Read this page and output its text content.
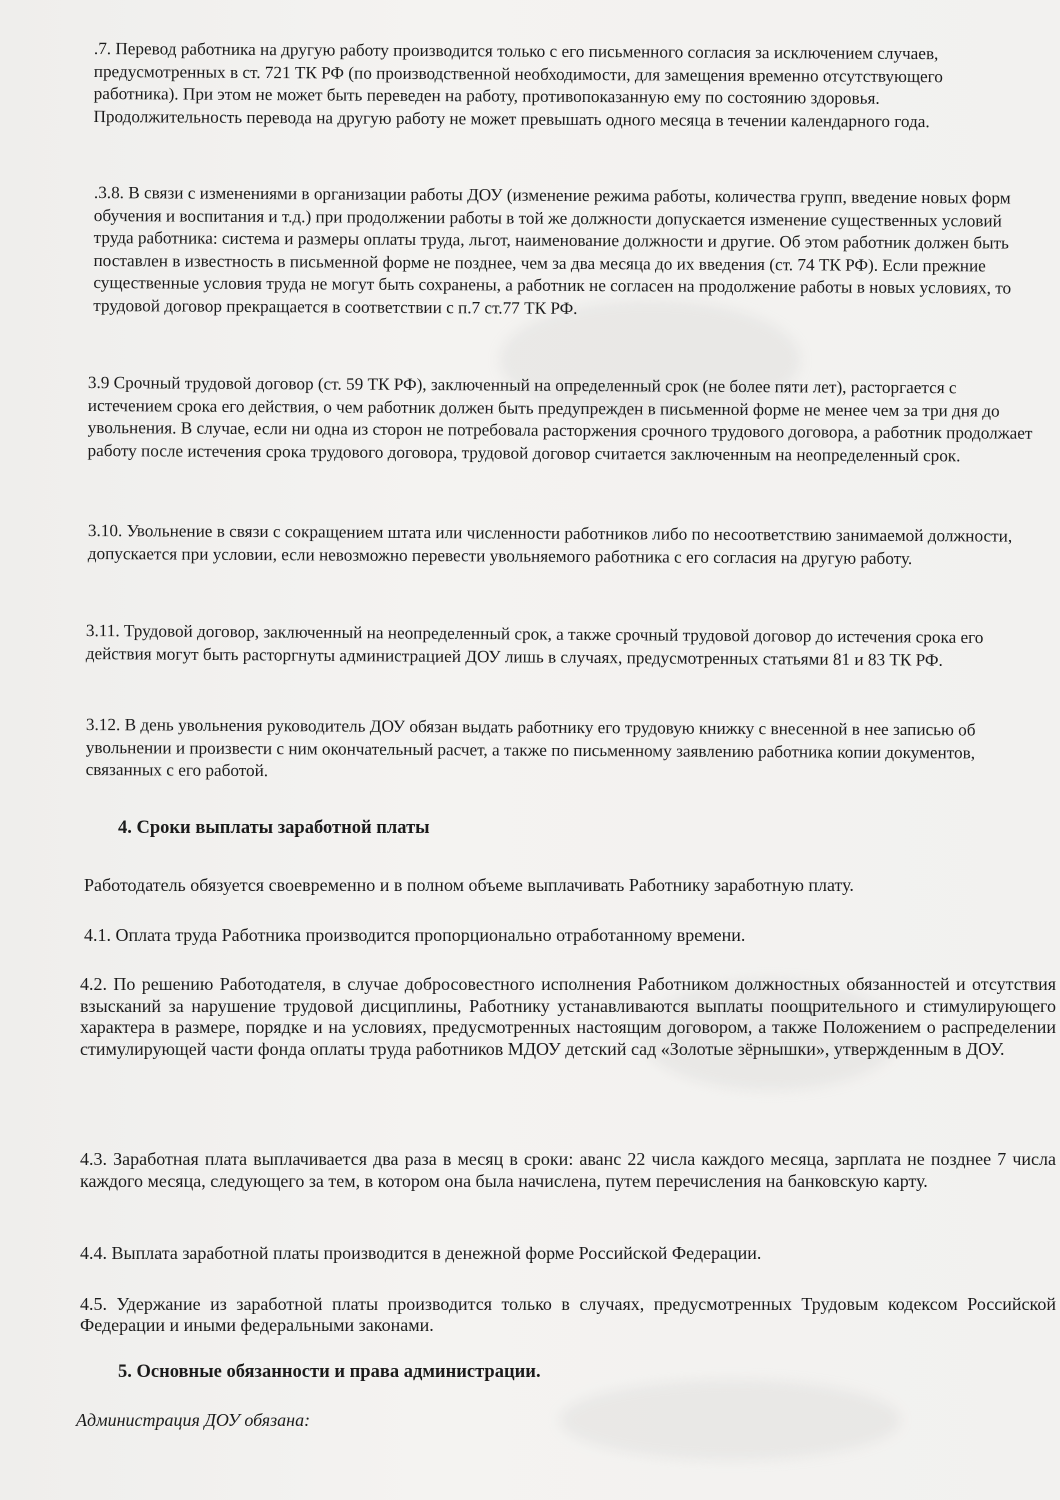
.7. Перевод работника на другую работу производится только с его письменного согласия за исключением случаев, предусмотренных в ст. 721 ТК РФ (по производственной необходимости, для замещения временно отсутствующего работника). При этом не может быть переведен на работу, противопоказанную ему по состоянию здоровья. Продолжительность перевода на другую работу не может превышать одного месяца в течении календарного года.

.3.8. В связи с изменениями в организации работы ДОУ (изменение режима работы, количества групп, введение новых форм обучения и воспитания и т.д.) при продолжении работы в той же должности допускается изменение существенных условий труда работника: система и размеры оплаты труда, льгот, наименование должности и другие. Об этом работник должен быть поставлен в известность в письменной форме не позднее, чем за два месяца до их введения (ст. 74 ТК РФ). Если прежние существенные условия труда не могут быть сохранены, а работник не согласен на продолжение работы в новых условиях, то трудовой договор прекращается в соответствии с п.7 ст.77 ТК РФ.

3.9 Срочный трудовой договор (ст. 59 ТК РФ), заключенный на определенный срок (не более пяти лет), расторгается с истечением срока его действия, о чем работник должен быть предупрежден в письменной форме не менее чем за три дня до увольнения. В случае, если ни одна из сторон не потребовала расторжения срочного трудового договора, а работник продолжает работу после истечения срока трудового договора, трудовой договор считается заключенным на неопределенный срок.

3.10. Увольнение в связи с сокращением штата или численности работников либо по несоответствию занимаемой должности, допускается при условии, если невозможно перевести увольняемого работника с его согласия на другую работу.

3.11. Трудовой договор, заключенный на неопределенный срок, а также срочный трудовой договор до истечения срока его действия могут быть расторгнуты администрацией ДОУ лишь в случаях, предусмотренных статьями 81 и 83 ТК РФ.

3.12. В день увольнения руководитель ДОУ обязан выдать работнику его трудовую книжку с внесенной в нее записью об увольнении и произвести с ним окончательный расчет, а также по письменному заявлению работника копии документов, связанных с его работой.

4. Сроки выплаты заработной платы

Работодатель обязуется своевременно и в полном объеме выплачивать Работнику заработную плату.

4.1. Оплата труда Работника производится пропорционально отработанному времени.

4.2. По решению Работодателя, в случае добросовестного исполнения Работником должностных обязанностей и отсутствия взысканий за нарушение трудовой дисциплины, Работнику устанавливаются выплаты поощрительного и стимулирующего характера в размере, порядке и на условиях, предусмотренных настоящим договором, а также Положением о распределении стимулирующей части фонда оплаты труда работников МДОУ детский сад «Золотые зёрнышки», утвержденным в ДОУ.

4.3. Заработная плата выплачивается два раза в месяц в сроки: аванс 22 числа каждого месяца, зарплата не позднее 7 числа каждого месяца, следующего за тем, в котором она была начислена, путем перечисления на банковскую карту.

4.4. Выплата заработной платы производится в денежной форме Российской Федерации.

4.5. Удержание из заработной платы производится только в случаях, предусмотренных Трудовым кодексом Российской Федерации и иными федеральными законами.

5. Основные обязанности и права администрации.

Администрация ДОУ обязана:
